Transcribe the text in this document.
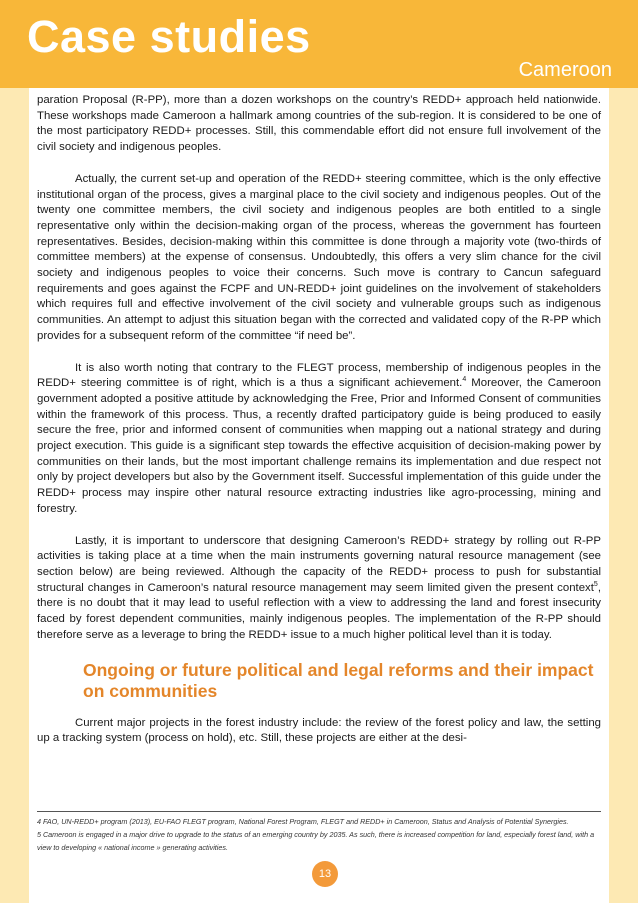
Case studies
Cameroon

paration Proposal (R-PP), more than a dozen workshops on the country’s REDD+ approach held nationwide. These workshops made Cameroon a hallmark among countries of the sub-region. It is considered to be one of the most participatory REDD+ processes. Still, this commendable effort did not ensure full involvement of the civil society and indigenous peoples.

Actually, the current set-up and operation of the REDD+ steering committee, which is the only effective institutional organ of the process, gives a marginal place to the civil society and indigenous peoples. Out of the twenty one committee members, the civil society and indigenous peoples are both entitled to a single representative only within the decision-making organ of the process, whereas the government has fourteen representatives. Besides, decision-making within this committee is done through a majority vote (two-thirds of committee members) at the expense of consensus. Undoubtedly, this offers a very slim chance for the civil society and indigenous peoples to voice their concerns. Such move is contrary to Cancun safeguard requirements and goes against the FCPF and UN-REDD+ joint guidelines on the involvement of stakeholders which requires full and effective involvement of the civil society and vulnerable groups such as indigenous communities. An attempt to adjust this situation began with the corrected and validated copy of the R-PP which provides for a subsequent reform of the committee “if need be”.

It is also worth noting that contrary to the FLEGT process, membership of indigenous peoples in the REDD+ steering committee is of right, which is a thus a significant achievement.$^4$ Moreover, the Cameroon government adopted a positive attitude by acknowledging the Free, Prior and Informed Consent of communities within the framework of this process. Thus, a recently drafted participatory guide is being produced to easily secure the free, prior and informed consent of communities when mapping out a national strategy and during project execution. This guide is a significant step towards the effective acquisition of decision-making power by communities on their lands, but the most important challenge remains its implementation and due respect not only by project developers but also by the Government itself. Successful implementation of this guide under the REDD+ process may inspire other natural resource extracting industries like agro-processing, mining and forestry.

Lastly, it is important to underscore that designing Cameroon’s REDD+ strategy by rolling out R-PP activities is taking place at a time when the main instruments governing natural resource management (see section below) are being reviewed. Although the capacity of the REDD+ process to push for substantial structural changes in Cameroon’s natural resource management may seem limited given the present context$^5$, there is no doubt that it may lead to useful reflection with a view to addressing the land and forest insecurity faced by forest dependent communities, mainly indigenous peoples. The implementation of the R-PP should therefore serve as a leverage to bring the REDD+ issue to a much higher political level than it is today.

Ongoing or future political and legal reforms and their impact on communities

Current major projects in the forest industry include: the review of the forest policy and law, the setting up a tracking system (process on hold), etc. Still, these projects are either at the desi-

4 FAO, UN-REDD+ program (2013), EU-FAO FLEGT program, National Forest Program, FLEGT and REDD+ in Cameroon, Status and Analysis of Potential Synergies.

5 Cameroon is engaged in a major drive to upgrade to the status of an emerging country by 2035. As such, there is increased competition for land, especially forest land, with a view to developing « national income » generating activities.

13
